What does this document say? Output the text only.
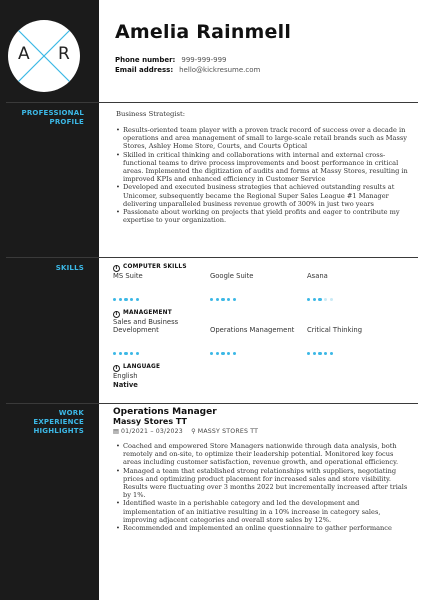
A R
Amelia Rainmell
Phone number: 999-999-999
Email address: hello@kickresume.com
PROFESSIONAL PROFILE
Business Strategist:
• Results-oriented team player with a proven track record of success over a decade in operations and area management of small to large-scale retail brands such as Massy Stores, Ashley Home Store, Courts, and Courts Optical
• Skilled in critical thinking and collaborations with internal and external cross-functional teams to drive process improvements and boost performance in critical areas. Implemented the digitization of audits and forms at Massy Stores, resulting in improved KPIs and enhanced efficiency in Customer Service
• Developed and executed business strategies that achieved outstanding results at Unicomer, subsequently became the Regional Super Sales League #1 Manager delivering unparalleled business revenue growth of 300% in just two years
• Passionate about working on projects that yield profits and eager to contribute my expertise to your organization.
SKILLS	i COMPUTER SKILLS
MS Suite	Google Suite	Asana
i MANAGEMENT
Sales and Business Development	Operations Management	Critical Thinking
i LANGUAGE
English
Native
WORK EXPERIENCE HIGHLIGHTS
Operations Manager
Massy Stores TT
▤ 01/2021 – 03/2023 ⚲ MASSY STORES TT
• Coached and empowered Store Managers nationwide through data analysis, both remotely and on-site, to optimize their leadership potential. Monitored key focus areas including customer satisfaction, revenue growth, and operational efficiency.
• Managed a team that established strong relationships with suppliers, negotiating prices and optimizing product placement for increased sales and store visibility. Results were fluctuating over 3 months 2022 but incrementally increased after trials by 1%.
• Identified waste in a perishable category and led the development and implementation of an initiative resulting in a 10% increase in category sales, improving adjacent categories and overall store sales by 12%.
• Recommended and implemented an online questionnaire to gather performance
